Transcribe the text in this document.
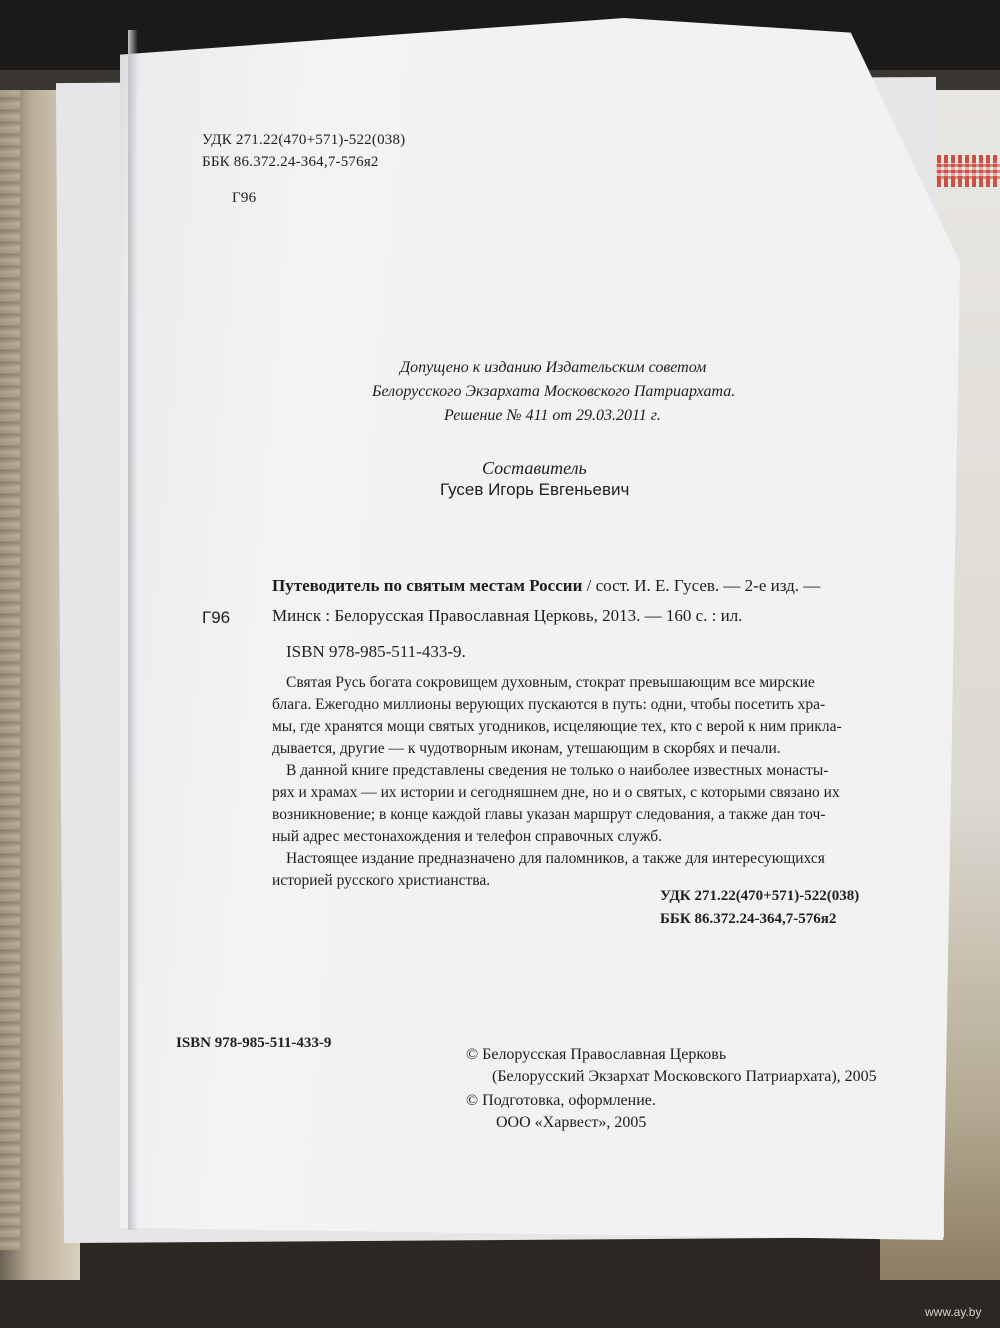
УДК 271.22(470+571)-522(038)

ББК 86.372.24-364,7-576я2

Г96

Допущено к изданию Издательским советом

Белорусского Экзархата Московского Патриархата.

Решение № 411 от 29.03.2011 г.

Составитель

Гусев Игорь Евгеньевич

Путеводитель по святым местам России / сост. И. Е. Гусев. — 2-е изд. —

Г96 Минск : Белорусская Православная Церковь, 2013. — 160 с. : ил.

ISBN 978-985-511-433-9.

Святая Русь богата сокровищем духовным, стократ превышающим все мирские

блага. Ежегодно миллионы верующих пускаются в путь: одни, чтобы посетить хра-

мы, где хранятся мощи святых угодников, исцеляющие тех, кто с верой к ним прикла-

дывается, другие — к чудотворным иконам, утешающим в скорбях и печали.

В данной книге представлены сведения не только о наиболее известных монасты-

рях и храмах — их истории и сегодняшнем дне, но и о святых, с которыми связано их

возникновение; в конце каждой главы указан маршрут следования, а также дан точ-

ный адрес местонахождения и телефон справочных служб.

Настоящее издание предназначено для паломников, а также для интересующихся

историей русского христианства.

УДК 271.22(470+571)-522(038)

ББК 86.372.24-364,7-576я2

ISBN 978-985-511-433-9

© Белорусская Православная Церковь

(Белорусский Экзархат Московского Патриархата), 2005

© Подготовка, оформление.

ООО «Харвест», 2005

www.ay.by
